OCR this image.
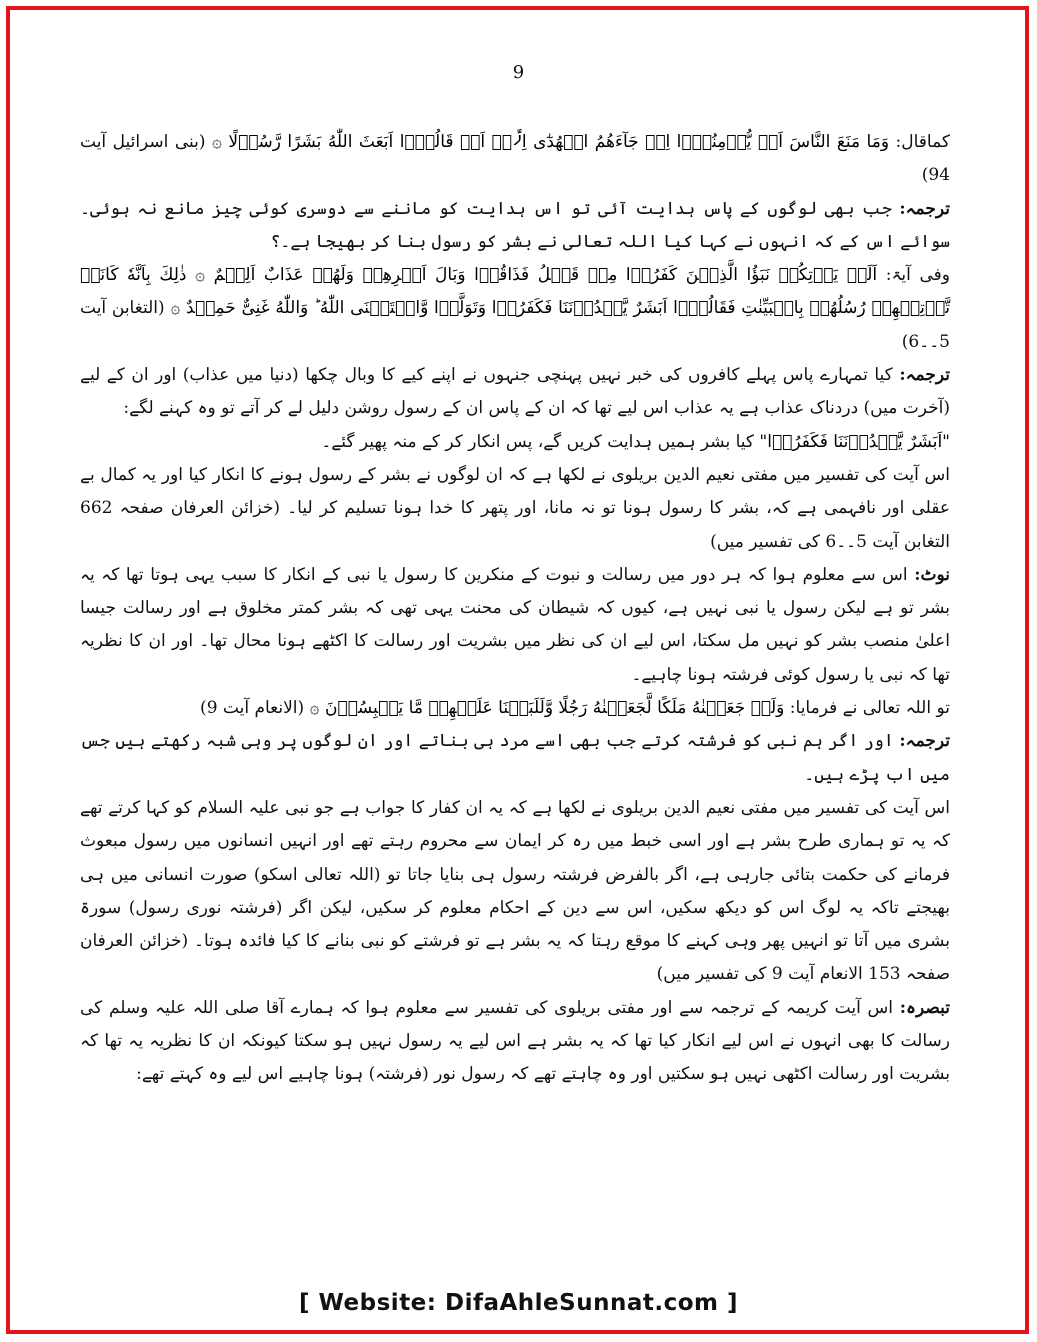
9

کماقال: وَمَا مَنَعَ النَّاسَ اَنۡ يُّؤۡمِنُوۡۤا اِذۡ جَآءَهُمُ الۡهُدٰٓى اِلَّاۤ اَنۡ قَالُوۡۤا اَبَعَثَ اللّٰهُ بَشَرًا رَّسُوۡلًا ۞ (بنی اسرائیل آیت 94)

ترجمہ: جب بھی لوگوں کے پاس ہدایت آئی تو اس ہدایت کو ماننے سے دوسری کوئی چیز مانع نہ ہوئی۔ سوائے اس کے کہ انہوں نے کہا کیا اللہ تعالی نے بشر کو رسول بنا کر بھیجا ہے۔؟

وفی آیۃ: اَلَمۡ يَاۡتِكُمۡ نَبَؤُا الَّذِيۡنَ كَفَرُوۡا مِنۡ قَبۡلُ فَذَاقُوۡا وَبَالَ اَمۡرِهِمۡ وَلَهُمۡ عَذَابٌ اَلِيۡمٌ ۞ ذٰلِكَ بِاَنَّهٗ كَانَتۡ تَّاۡتِيۡهِمۡ رُسُلُهُمۡ بِالۡبَيِّنٰتِ فَقَالُوۡۤا اَبَشَرٌ يَّهۡدُوۡنَنَا فَكَفَرُوۡا وَتَوَلَّوۡا وَّاسۡتَغۡنَى اللّٰهُ ؕ وَاللّٰهُ غَنِىٌّ حَمِيۡدٌ ۞ (التغابن آیت 5۔۔6)

ترجمہ: کیا تمہارے پاس پہلے کافروں کی خبر نہیں پہنچی جنہوں نے اپنے کیے کا وبال چکھا (دنیا میں عذاب) اور ان کے لیے (آخرت میں) دردناک عذاب ہے یہ عذاب اس لیے تھا کہ ان کے پاس ان کے رسول روشن دلیل لے کر آتے تو وہ کہنے لگے:

"اَبَشَرٌ يَّهۡدُوۡنَنَا فَكَفَرُوۡا" کیا بشر ہمیں ہدایت کریں گے، پس انکار کر کے منہ پھیر گئے۔

اس آیت کی تفسیر میں مفتی نعیم الدین بریلوی نے لکھا ہے کہ ان لوگوں نے بشر کے رسول ہونے کا انکار کیا اور یہ کمال بے عقلی اور نافہمی ہے کہ، بشر کا رسول ہونا تو نہ مانا، اور پتھر کا خدا ہونا تسلیم کر لیا۔ (خزائن العرفان صفحہ 662 التغابن آیت 5۔۔6 کی تفسیر میں)

نوٹ: اس سے معلوم ہوا کہ ہر دور میں رسالت و نبوت کے منکرین کا رسول یا نبی کے انکار کا سبب یہی ہوتا تھا کہ یہ بشر تو ہے لیکن رسول یا نبی نہیں ہے، کیوں کہ شیطان کی محنت یہی تھی کہ بشر کمتر مخلوق ہے اور رسالت جیسا اعلیٰ منصب بشر کو نہیں مل سکتا، اس لیے ان کی نظر میں بشریت اور رسالت کا اکٹھے ہونا محال تھا۔ اور ان کا نظریہ تھا کہ نبی یا رسول کوئی فرشتہ ہونا چاہیے۔

تو اللہ تعالی نے فرمایا: وَلَوۡ جَعَلۡنٰهُ مَلَكًا لَّجَعَلۡنٰهُ رَجُلًا وَّلَلَبَسۡنَا عَلَيۡهِمۡ مَّا يَلۡبِسُوۡنَ ۞ (الانعام آیت 9)

ترجمہ: اور اگر ہم نبی کو فرشتہ کرتے جب بھی اسے مرد ہی بناتے اور ان لوگوں پر وہی شبہ رکھتے ہیں جس میں اب پڑے ہیں۔

اس آیت کی تفسیر میں مفتی نعیم الدین بریلوی نے لکھا ہے کہ یہ ان کفار کا جواب ہے جو نبی علیہ السلام کو کہا کرتے تھے کہ یہ تو ہماری طرح بشر ہے اور اسی خبط میں رہ کر ایمان سے محروم رہتے تھے اور انہیں انسانوں میں رسول مبعوث فرمانے کی حکمت بتائی جارہی ہے، اگر بالفرض فرشتہ رسول ہی بنایا جاتا تو (اللہ تعالی اسکو) صورت انسانی میں ہی بھیجتے تاکہ یہ لوگ اس کو دیکھ سکیں، اس سے دین کے احکام معلوم کر سکیں، لیکن اگر (فرشتہ نوری رسول) سورۃ بشری میں آتا تو انہیں پھر وہی کہنے کا موقع رہتا کہ یہ بشر ہے تو فرشتے کو نبی بنانے کا کیا فائدہ ہوتا۔ (خزائن العرفان صفحہ 153 الانعام آیت 9 کی تفسیر میں)

تبصرہ: اس آیت کریمہ کے ترجمہ سے اور مفتی بریلوی کی تفسیر سے معلوم ہوا کہ ہمارے آقا صلی اللہ علیہ وسلم کی رسالت کا بھی انہوں نے اس لیے انکار کیا تھا کہ یہ بشر ہے اس لیے یہ رسول نہیں ہو سکتا کیونکہ ان کا نظریہ یہ تھا کہ بشریت اور رسالت اکٹھی نہیں ہو سکتیں اور وہ چاہتے تھے کہ رسول نور (فرشتہ) ہونا چاہیے اس لیے وہ کہتے تھے:

[ Website: DifaAhleSunnat.com ]
